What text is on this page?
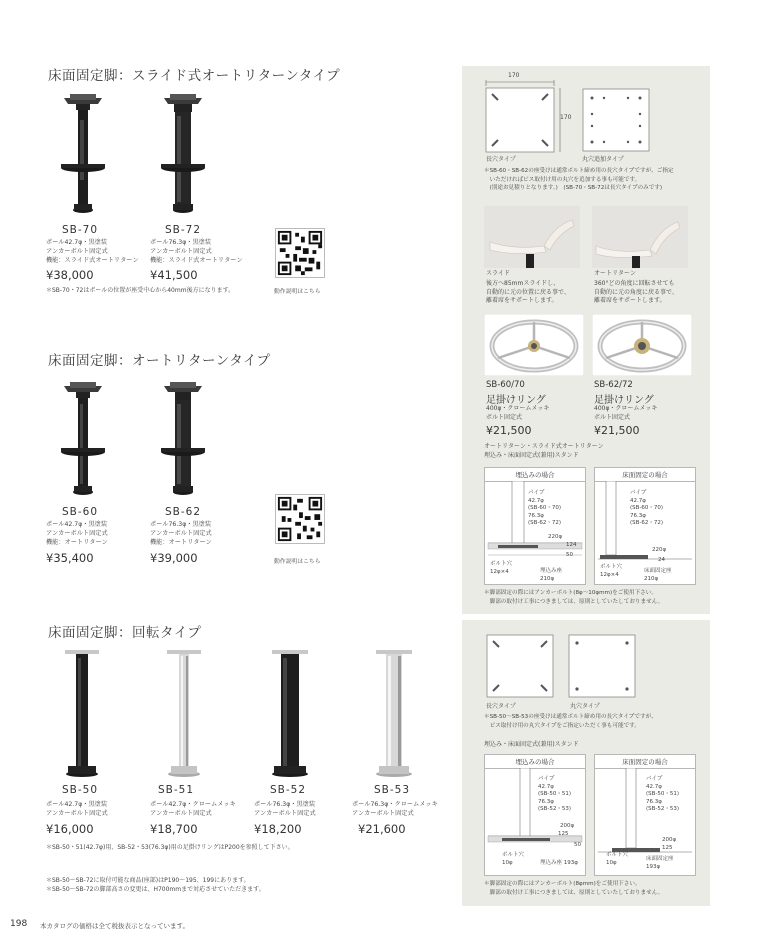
床面固定脚：スライド式オートリターンタイプ
SB-70
ポール42.7φ・黒塗装
アンカーボルト固定式
機能：スライド式オートリターン
¥38,000
SB-72
ポール76.3φ・黒塗装
アンカーボルト固定式
機能：スライド式オートリターン
¥41,500
＊SB-70・72はポールの位置が座受中心から40mm後方になります。	動作説明はこちら
床面固定脚：オートリターンタイプ
SB-60
ポール42.7φ・黒塗装
アンカーボルト固定式
機能：オートリターン
¥35,400
SB-62
ポール76.3φ・黒塗装
アンカーボルト固定式
機能：オートリターン
¥39,000	動作説明はこちら
床面固定脚：回転タイプ
SB-50
ポール42.7φ・黒塗装
アンカーボルト固定式
¥16,000
SB-51
ポール42.7φ・クロームメッキ
アンカーボルト固定式
¥18,700
SB-52
ポール76.3φ・黒塗装
アンカーボルト固定式
¥18,200
SB-53
ポール76.3φ・クロームメッキ
アンカーボルト固定式
¥21,600
＊SB-50・51(42.7φ)用、SB-52・53(76.3φ)用の足掛けリングはP200を参照して下さい。
＊SB-50～SB-72に取付可能な商品(座部)はP190～195、199にあります。
＊SB-50～SB-72の脚部高さの変更は、H700mmまで対応させていただきます。
198 本カタログの価格は全て税抜表示となっています。
170
170
長穴タイプ	丸穴追加タイプ
＊SB-60・SB-62の座受けは通常ボルト締め用の長穴タイプですが、ご指定
　いただければビス取付け用の丸穴を追加する事も可能です。
　(別途お見積りとなります。)　(SB-70・SB-72は長穴タイプのみです)
スライド
後方へ85mmスライドし、
自動的に元の位置に戻る事で、
離着席をサポートします。
オートリターン
360°どの角度に回転させても
自動的に元の角度に戻る事で、
離着席をサポートします。
SB-60/70
足掛けリング
400φ・クロームメッキ
ボルト固定式
¥21,500
SB-62/72
足掛けリング
400φ・クロームメッキ
ボルト固定式
¥21,500
オートリターン・スライド式オートリターン
埋込み・床面固定式(兼用)スタンド
埋込みの場合
パイプ
42.7φ
(SB-60・70)
76.3φ
(SB-62・72)
220φ
124
50
ボルト穴
12φ×4	埋込み座
210φ
床面固定の場合
パイプ
42.7φ
(SB-60・70)
76.3φ
(SB-62・72)
220φ
24
ボルト穴
12φ×4
床面固定座
210φ
＊脚部固定の際にはアンカーボルト(8φ～10φmm)をご使用下さい。
　脚部の取付け工事につきましては、原則としていたしておりません。
長穴タイプ	丸穴タイプ
＊SB-50～SB-53の座受けは通常ボルト締め用の長穴タイプですが、
　ビス取付け用の丸穴タイプをご指定いただく事も可能です。
埋込み・床面固定式(兼用)スタンド
埋込みの場合
パイプ
42.7φ
(SB-50・51)
76.3φ
(SB-52・53)
200φ
125
50
ボルト穴
10φ	埋込み座 193φ
床面固定の場合
パイプ
42.7φ
(SB-50・51)
76.3φ
(SB-52・53)
200φ
125
ボルト穴
10φ
床面固定座
193φ
＊脚部固定の際にはアンカーボルト(8φmm)をご使用下さい。
　脚部の取付け工事につきましては、原則としていたしておりません。
